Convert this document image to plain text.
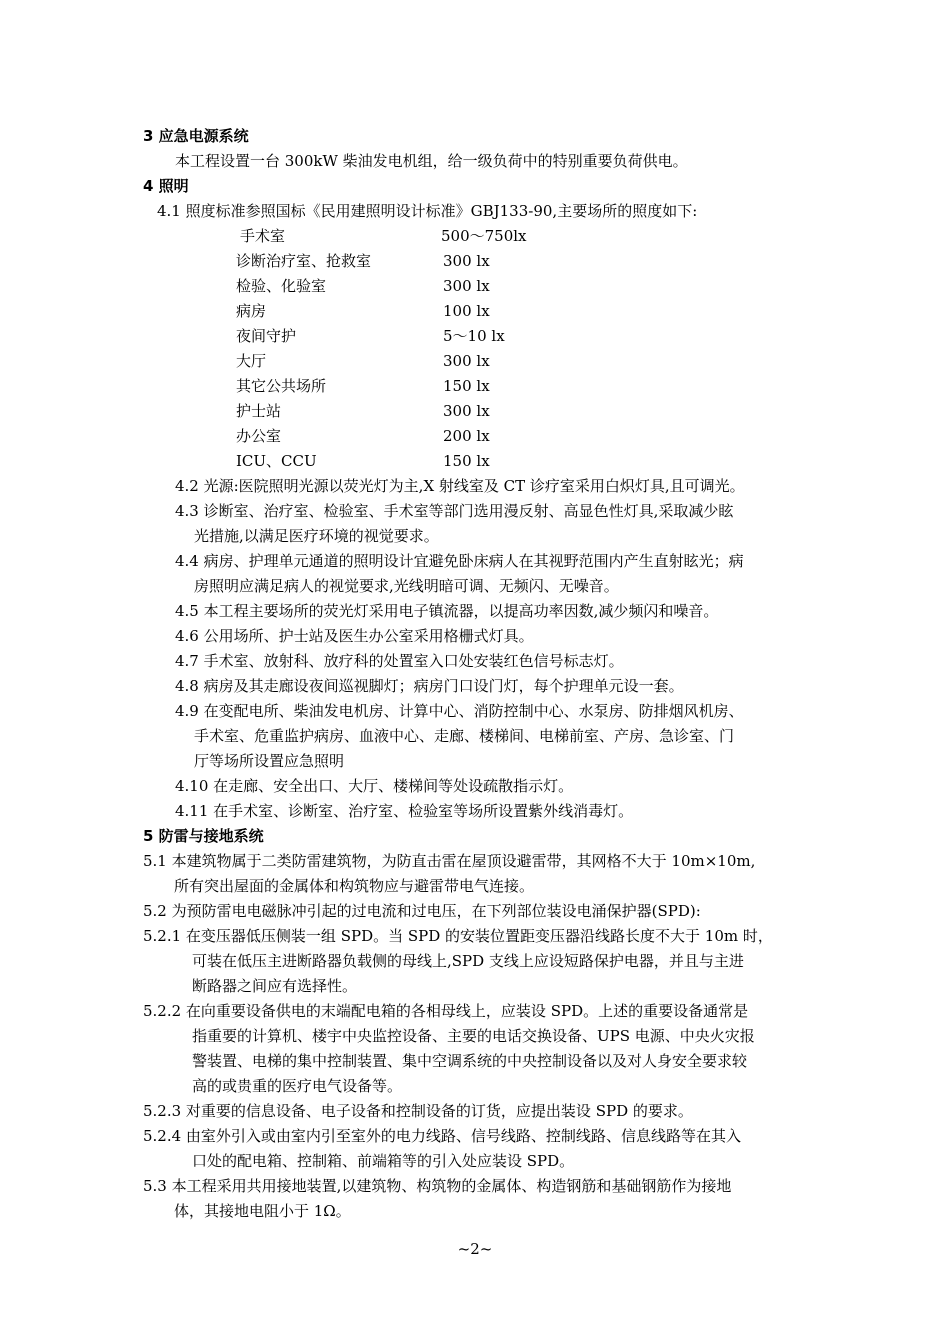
3 应急电源系统
本工程设置一台 300kW 柴油发电机组，给一级负荷中的特别重要负荷供电。
4 照明
4.1 照度标准参照国标《民用建照明设计标准》GBJ133-90,主要场所的照度如下:
手术室	500～750lx
诊断治疗室、抢救室	300 lx
检验、化验室	300 lx
病房	100 lx
夜间守护	5～10 lx
大厅	300 lx
其它公共场所	150 lx
护士站	300 lx
办公室	200 lx
ICU、CCU	150 lx
4.2 光源:医院照明光源以荧光灯为主,X 射线室及 CT 诊疗室采用白炽灯具,且可调光。
4.3 诊断室、治疗室、检验室、手术室等部门选用漫反射、高显色性灯具,采取减少眩
光措施,以满足医疗环境的视觉要求。
4.4 病房、护理单元通道的照明设计宜避免卧床病人在其视野范围内产生直射眩光；病
房照明应满足病人的视觉要求,光线明暗可调、无频闪、无噪音。
4.5 本工程主要场所的荧光灯采用电子镇流器，以提高功率因数,减少频闪和噪音。
4.6 公用场所、护士站及医生办公室采用格栅式灯具。
4.7 手术室、放射科、放疗科的处置室入口处安装红色信号标志灯。
4.8 病房及其走廊设夜间巡视脚灯；病房门口设门灯，每个护理单元设一套。
4.9 在变配电所、柴油发电机房、计算中心、消防控制中心、水泵房、防排烟风机房、
手术室、危重监护病房、血液中心、走廊、楼梯间、电梯前室、产房、急诊室、门
厅等场所设置应急照明
4.10 在走廊、安全出口、大厅、楼梯间等处设疏散指示灯。
4.11 在手术室、诊断室、治疗室、检验室等场所设置紫外线消毒灯。
5 防雷与接地系统
5.1 本建筑物属于二类防雷建筑物，为防直击雷在屋顶设避雷带，其网格不大于 10m×10m,
所有突出屋面的金属体和构筑物应与避雷带电气连接。
5.2 为预防雷电电磁脉冲引起的过电流和过电压，在下列部位装设电涌保护器(SPD):
5.2.1 在变压器低压侧装一组 SPD。当 SPD 的安装位置距变压器沿线路长度不大于 10m 时，
可装在低压主进断路器负载侧的母线上,SPD 支线上应设短路保护电器，并且与主进
断路器之间应有选择性。
5.2.2 在向重要设备供电的末端配电箱的各相母线上，应装设 SPD。上述的重要设备通常是
指重要的计算机、楼宇中央监控设备、主要的电话交换设备、UPS 电源、中央火灾报
警装置、电梯的集中控制装置、集中空调系统的中央控制设备以及对人身安全要求较
高的或贵重的医疗电气设备等。
5.2.3 对重要的信息设备、电子设备和控制设备的订货，应提出装设 SPD 的要求。
5.2.4 由室外引入或由室内引至室外的电力线路、信号线路、控制线路、信息线路等在其入
口处的配电箱、控制箱、前端箱等的引入处应装设 SPD。
5.3 本工程采用共用接地装置,以建筑物、构筑物的金属体、构造钢筋和基础钢筋作为接地
体，其接地电阻小于 1Ω。
~2~
